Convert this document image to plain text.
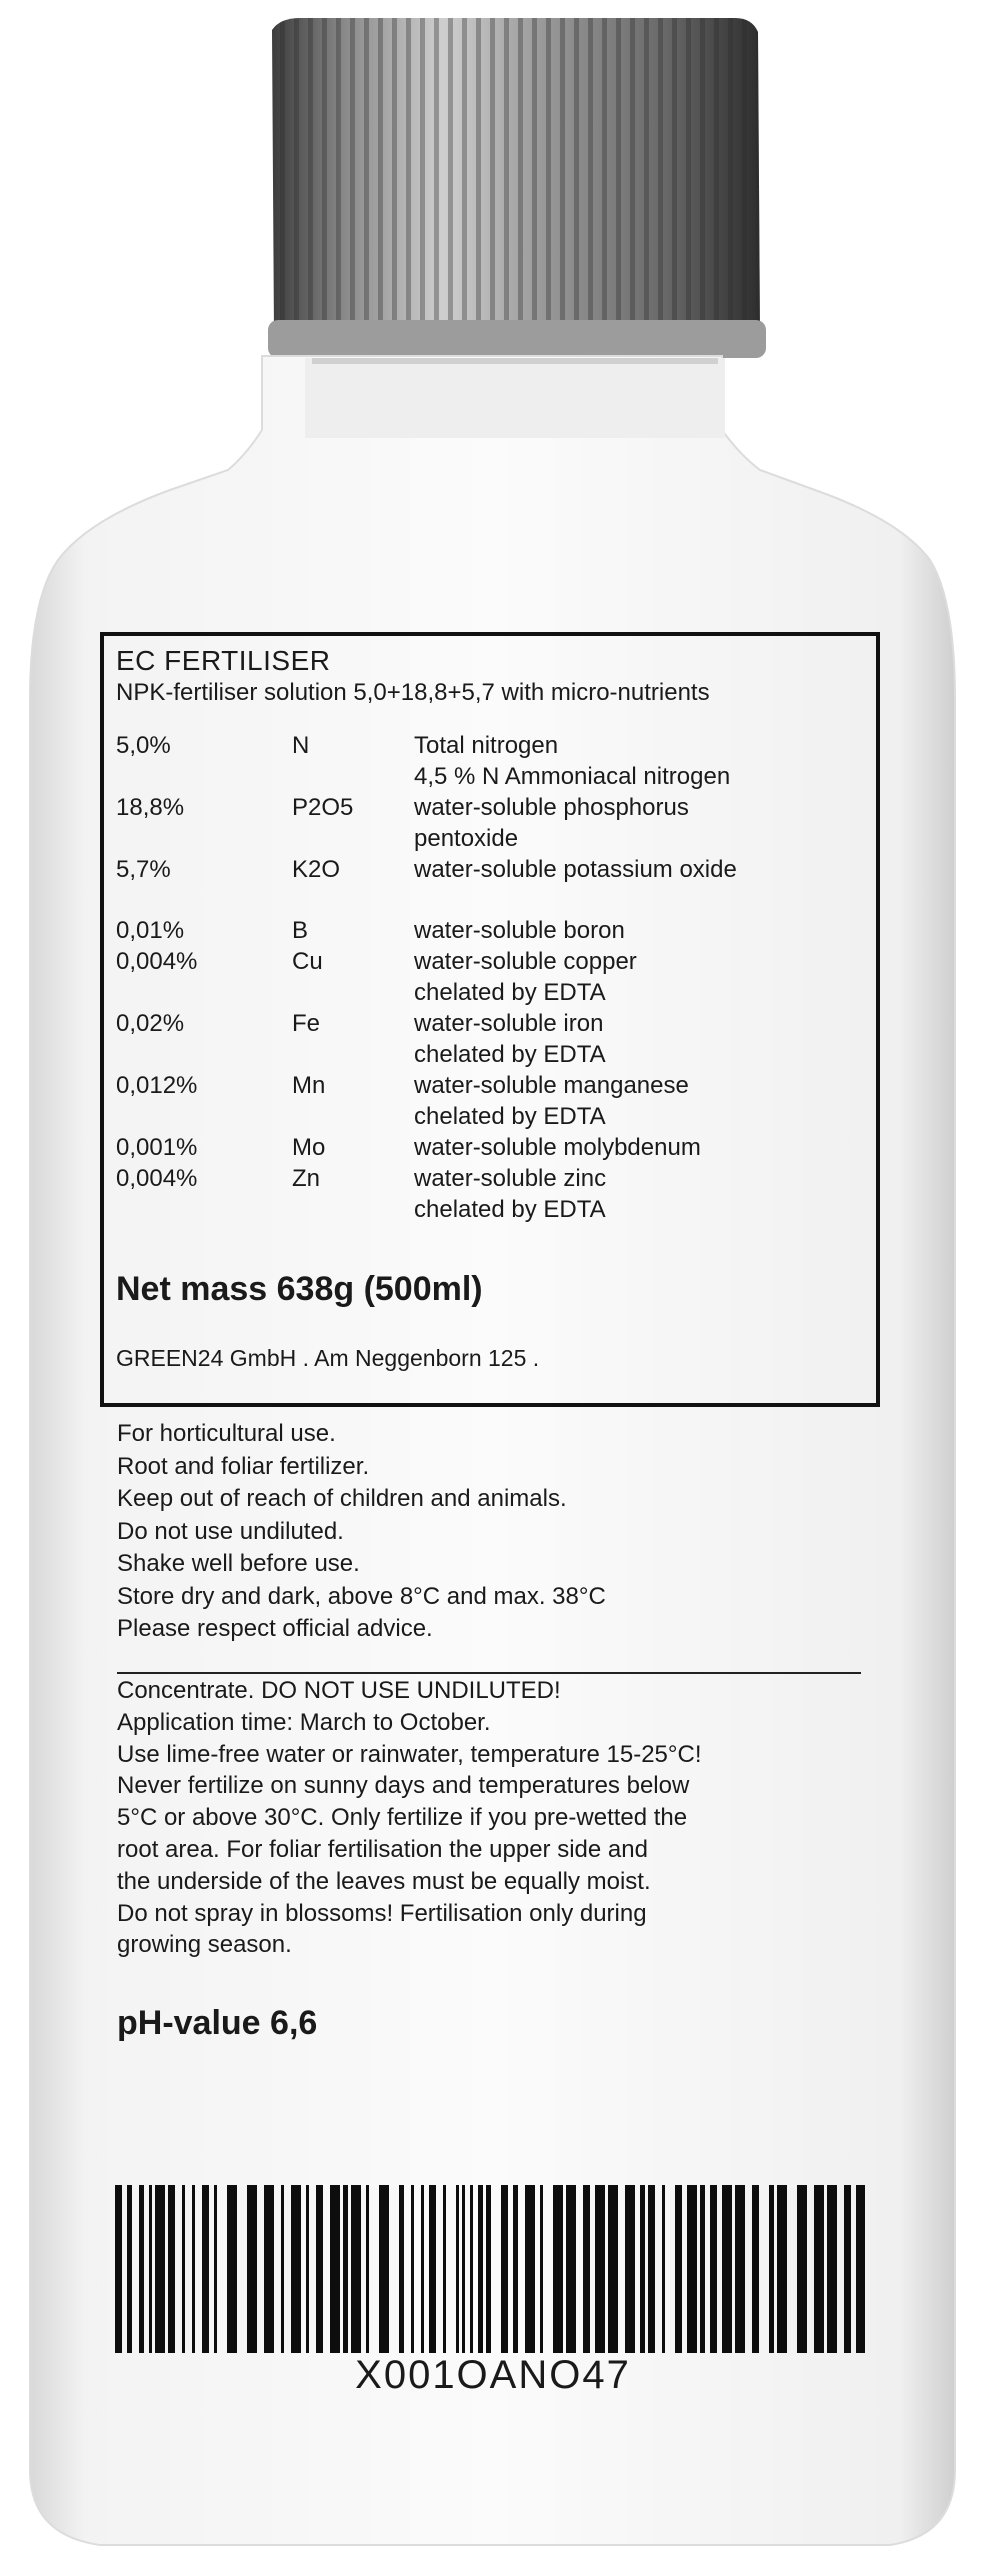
EC FERTILISER
NPK-fertiliser solution 5,0+18,8+5,7 with micro-nutrients
5,0%	N	Total nitrogen
4,5 % N Ammoniacal nitrogen
18,8%	P2O5	water-soluble phosphorus
pentoxide
5,7%	K2O	water-soluble potassium oxide
0,01%	B	water-soluble boron
0,004%	Cu	water-soluble copper
chelated by EDTA
0,02%	Fe	water-soluble iron
chelated by EDTA
0,012%	Mn	water-soluble manganese
chelated by EDTA
0,001%	Mo	water-soluble molybdenum
0,004%	Zn	water-soluble zinc
chelated by EDTA
Net mass 638g (500ml)
GREEN24 GmbH . Am Neggenborn 125 .
For horticultural use.
Root and foliar fertilizer.
Keep out of reach of children and animals.
Do not use undiluted.
Shake well before use.
Store dry and dark, above 8°C and max. 38°C
Please respect official advice.
Concentrate. DO NOT USE UNDILUTED!
Application time: March to October.
Use lime-free water or rainwater, temperature 15-25°C!
Never fertilize on sunny days and temperatures below
5°C or above 30°C. Only fertilize if you pre-wetted the
root area. For foliar fertilisation the upper side and
the underside of the leaves must be equally moist.
Do not spray in blossoms! Fertilisation only during
growing season.
pH-value 6,6
X001OANO47
